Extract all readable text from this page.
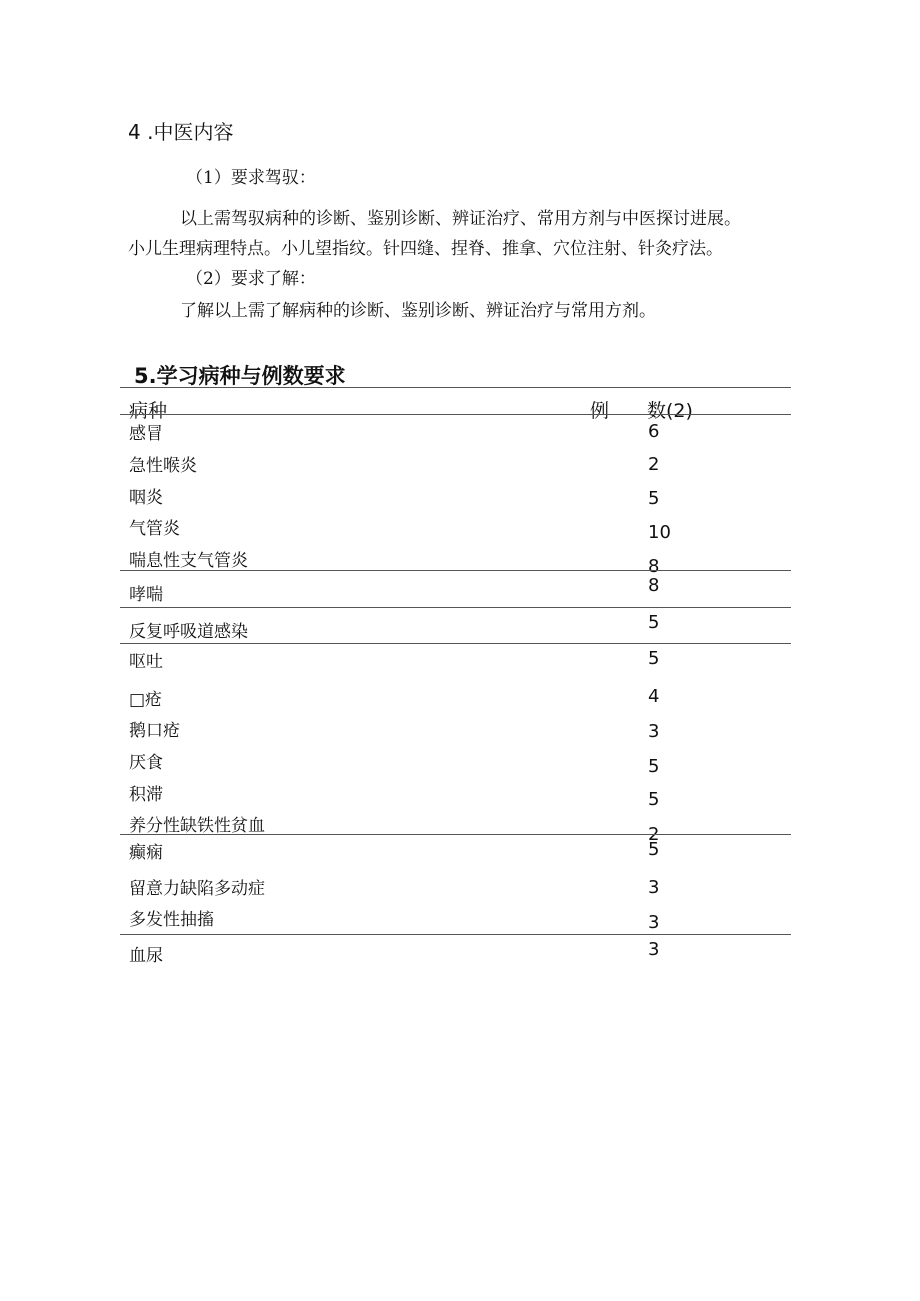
4 .中医内容
（1）要求驾驭：
以上需驾驭病种的诊断、鉴别诊断、辨证治疗、常用方剂与中医探讨进展。
小儿生理病理特点。小儿望指纹。针四缝、捏脊、推拿、穴位注射、针灸疗法。
（2）要求了解：
了解以上需了解病种的诊断、鉴别诊断、辨证治疗与常用方剂。
5.学习病种与例数要求
病种	例　　数(2)
感冒	6
急性喉炎	2
咽炎	5
气管炎	10
喘息性支气管炎	8
哮喘	8
反复呼吸道感染	5
呕吐	5
□疮	4
鹅口疮	3
厌食	5
积滞	5
养分性缺铁性贫血	2
癫痫	5
留意力缺陷多动症	3
多发性抽搐	3
血尿	3
